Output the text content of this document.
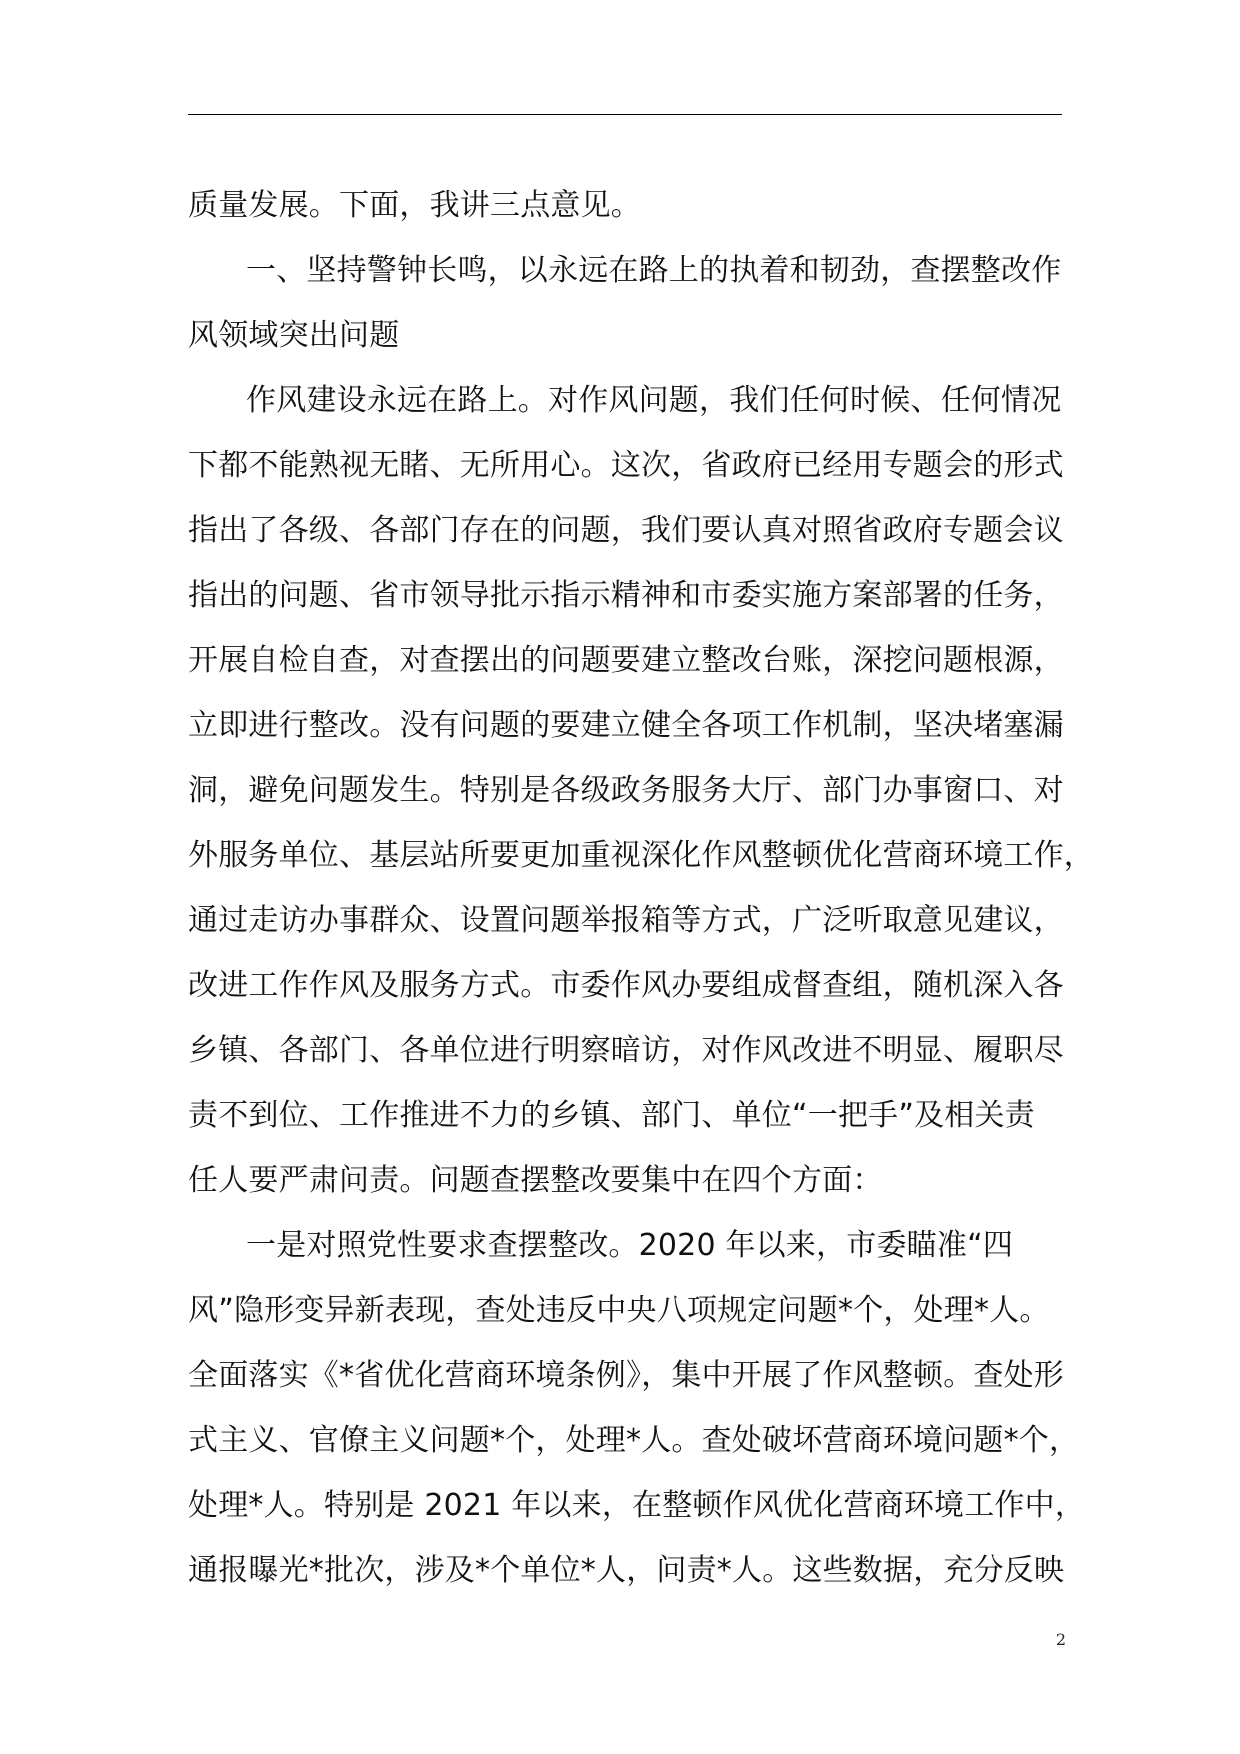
质量发展。下面，我讲三点意见。
一、坚持警钟长鸣，以永远在路上的执着和韧劲，查摆整改作
风领域突出问题
作风建设永远在路上。对作风问题，我们任何时候、任何情况
下都不能熟视无睹、无所用心。这次，省政府已经用专题会的形式
指出了各级、各部门存在的问题，我们要认真对照省政府专题会议
指出的问题、省市领导批示指示精神和市委实施方案部署的任务，
开展自检自查，对查摆出的问题要建立整改台账，深挖问题根源，
立即进行整改。没有问题的要建立健全各项工作机制，坚决堵塞漏
洞，避免问题发生。特别是各级政务服务大厅、部门办事窗口、对
外服务单位、基层站所要更加重视深化作风整顿优化营商环境工作，
通过走访办事群众、设置问题举报箱等方式，广泛听取意见建议，
改进工作作风及服务方式。市委作风办要组成督查组，随机深入各
乡镇、各部门、各单位进行明察暗访，对作风改进不明显、履职尽
责不到位、工作推进不力的乡镇、部门、单位“一把手”及相关责
任人要严肃问责。问题查摆整改要集中在四个方面：
一是对照党性要求查摆整改。2020 年以来，市委瞄准“四
风”隐形变异新表现，查处违反中央八项规定问题*个，处理*人。
全面落实《*省优化营商环境条例》，集中开展了作风整顿。查处形
式主义、官僚主义问题*个，处理*人。查处破坏营商环境问题*个，
处理*人。特别是 2021 年以来，在整顿作风优化营商环境工作中，
通报曝光*批次，涉及*个单位*人，问责*人。这些数据，充分反映
2
